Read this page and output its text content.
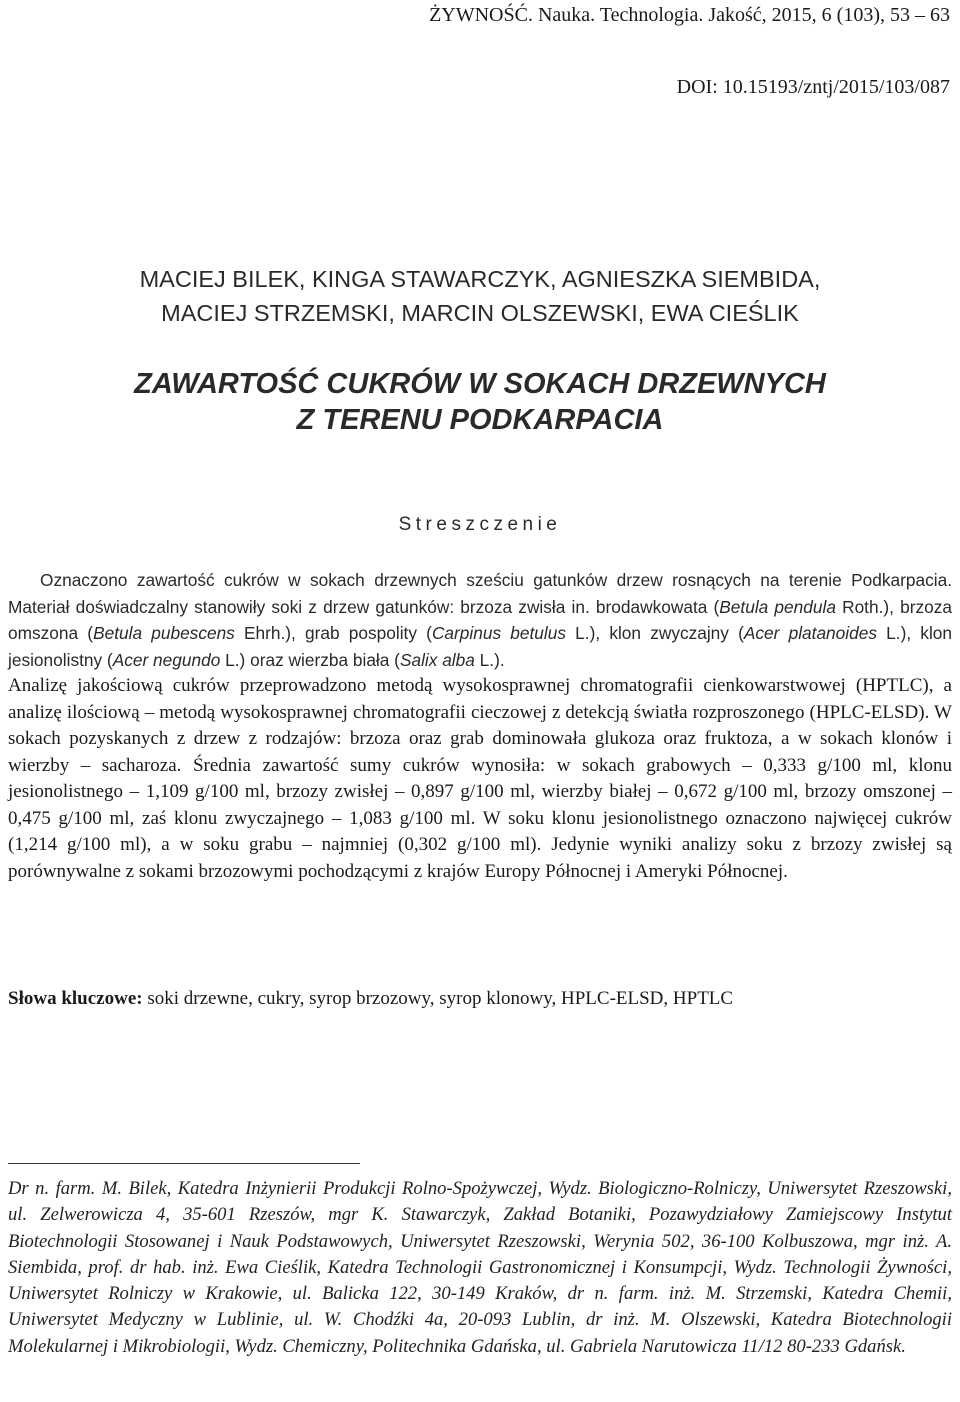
ŻYWNOŚĆ. Nauka. Technologia. Jakość, 2015, 6 (103), 53 – 63
DOI: 10.15193/zntj/2015/103/087
MACIEJ BILEK, KINGA STAWARCZYK, AGNIESZKA SIEMBIDA,
MACIEJ STRZEMSKI, MARCIN OLSZEWSKI, EWA CIEŚLIK
ZAWARTOŚĆ CUKRÓW W SOKACH DRZEWNYCH
Z TERENU PODKARPACIA
Streszczenie

Oznaczono zawartość cukrów w sokach drzewnych sześciu gatunków drzew rosnących na terenie Podkarpacia. Materiał doświadczalny stanowiły soki z drzew gatunków: brzoza zwisła in. brodawkowata (Betula pendula Roth.), brzoza omszona (Betula pubescens Ehrh.), grab pospolity (Carpinus betulus L.), klon zwyczajny (Acer platanoides L.), klon jesionolistny (Acer negundo L.) oraz wierzba biała (Salix alba L.).

Analizę jakościową cukrów przeprowadzono metodą wysokosprawnej chromatografii cienkowarstwowej (HPTLC), a analizę ilościową – metodą wysokosprawnej chromatografii cieczowej z detekcją światła rozproszonego (HPLC-ELSD). W sokach pozyskanych z drzew z rodzajów: brzoza oraz grab dominowała glukoza oraz fruktoza, a w sokach klonów i wierzby – sacharoza. Średnia zawartość sumy cukrów wynosiła: w sokach grabowych – 0,333 g/100 ml, klonu jesionolistnego – 1,109 g/100 ml, brzozy zwisłej – 0,897 g/100 ml, wierzby białej – 0,672 g/100 ml, brzozy omszonej – 0,475 g/100 ml, zaś klonu zwyczajnego – 1,083 g/100 ml. W soku klonu jesionolistnego oznaczono najwięcej cukrów (1,214 g/100 ml), a w soku grabu – najmniej (0,302 g/100 ml). Jedynie wyniki analizy soku z brzozy zwisłej są porównywalne z sokami brzozowymi pochodzącymi z krajów Europy Północnej i Ameryki Północnej.

Słowa kluczowe: soki drzewne, cukry, syrop brzozowy, syrop klonowy, HPLC-ELSD, HPTLC
Dr n. farm. M. Bilek, Katedra Inżynierii Produkcji Rolno-Spożywczej, Wydz. Biologiczno-Rolniczy, Uniwersytet Rzeszowski, ul. Zelwerowicza 4, 35-601 Rzeszów, mgr K. Stawarczyk, Zakład Botaniki, Pozawydziałowy Zamiejscowy Instytut Biotechnologii Stosowanej i Nauk Podstawowych, Uniwersytet Rzeszowski, Werynia 502, 36-100 Kolbuszowa, mgr inż. A. Siembida, prof. dr hab. inż. Ewa Cieślik, Katedra Technologii Gastronomicznej i Konsumpcji, Wydz. Technologii Żywności, Uniwersytet Rolniczy w Krakowie, ul. Balicka 122, 30-149 Kraków, dr n. farm. inż. M. Strzemski, Katedra Chemii, Uniwersytet Medyczny w Lublinie, ul. W. Chodźki 4a, 20-093 Lublin, dr inż. M. Olszewski, Katedra Biotechnologii Molekularnej i Mikrobiologii, Wydz. Chemiczny, Politechnika Gdańska, ul. Gabriela Narutowicza 11/12 80-233 Gdańsk.
